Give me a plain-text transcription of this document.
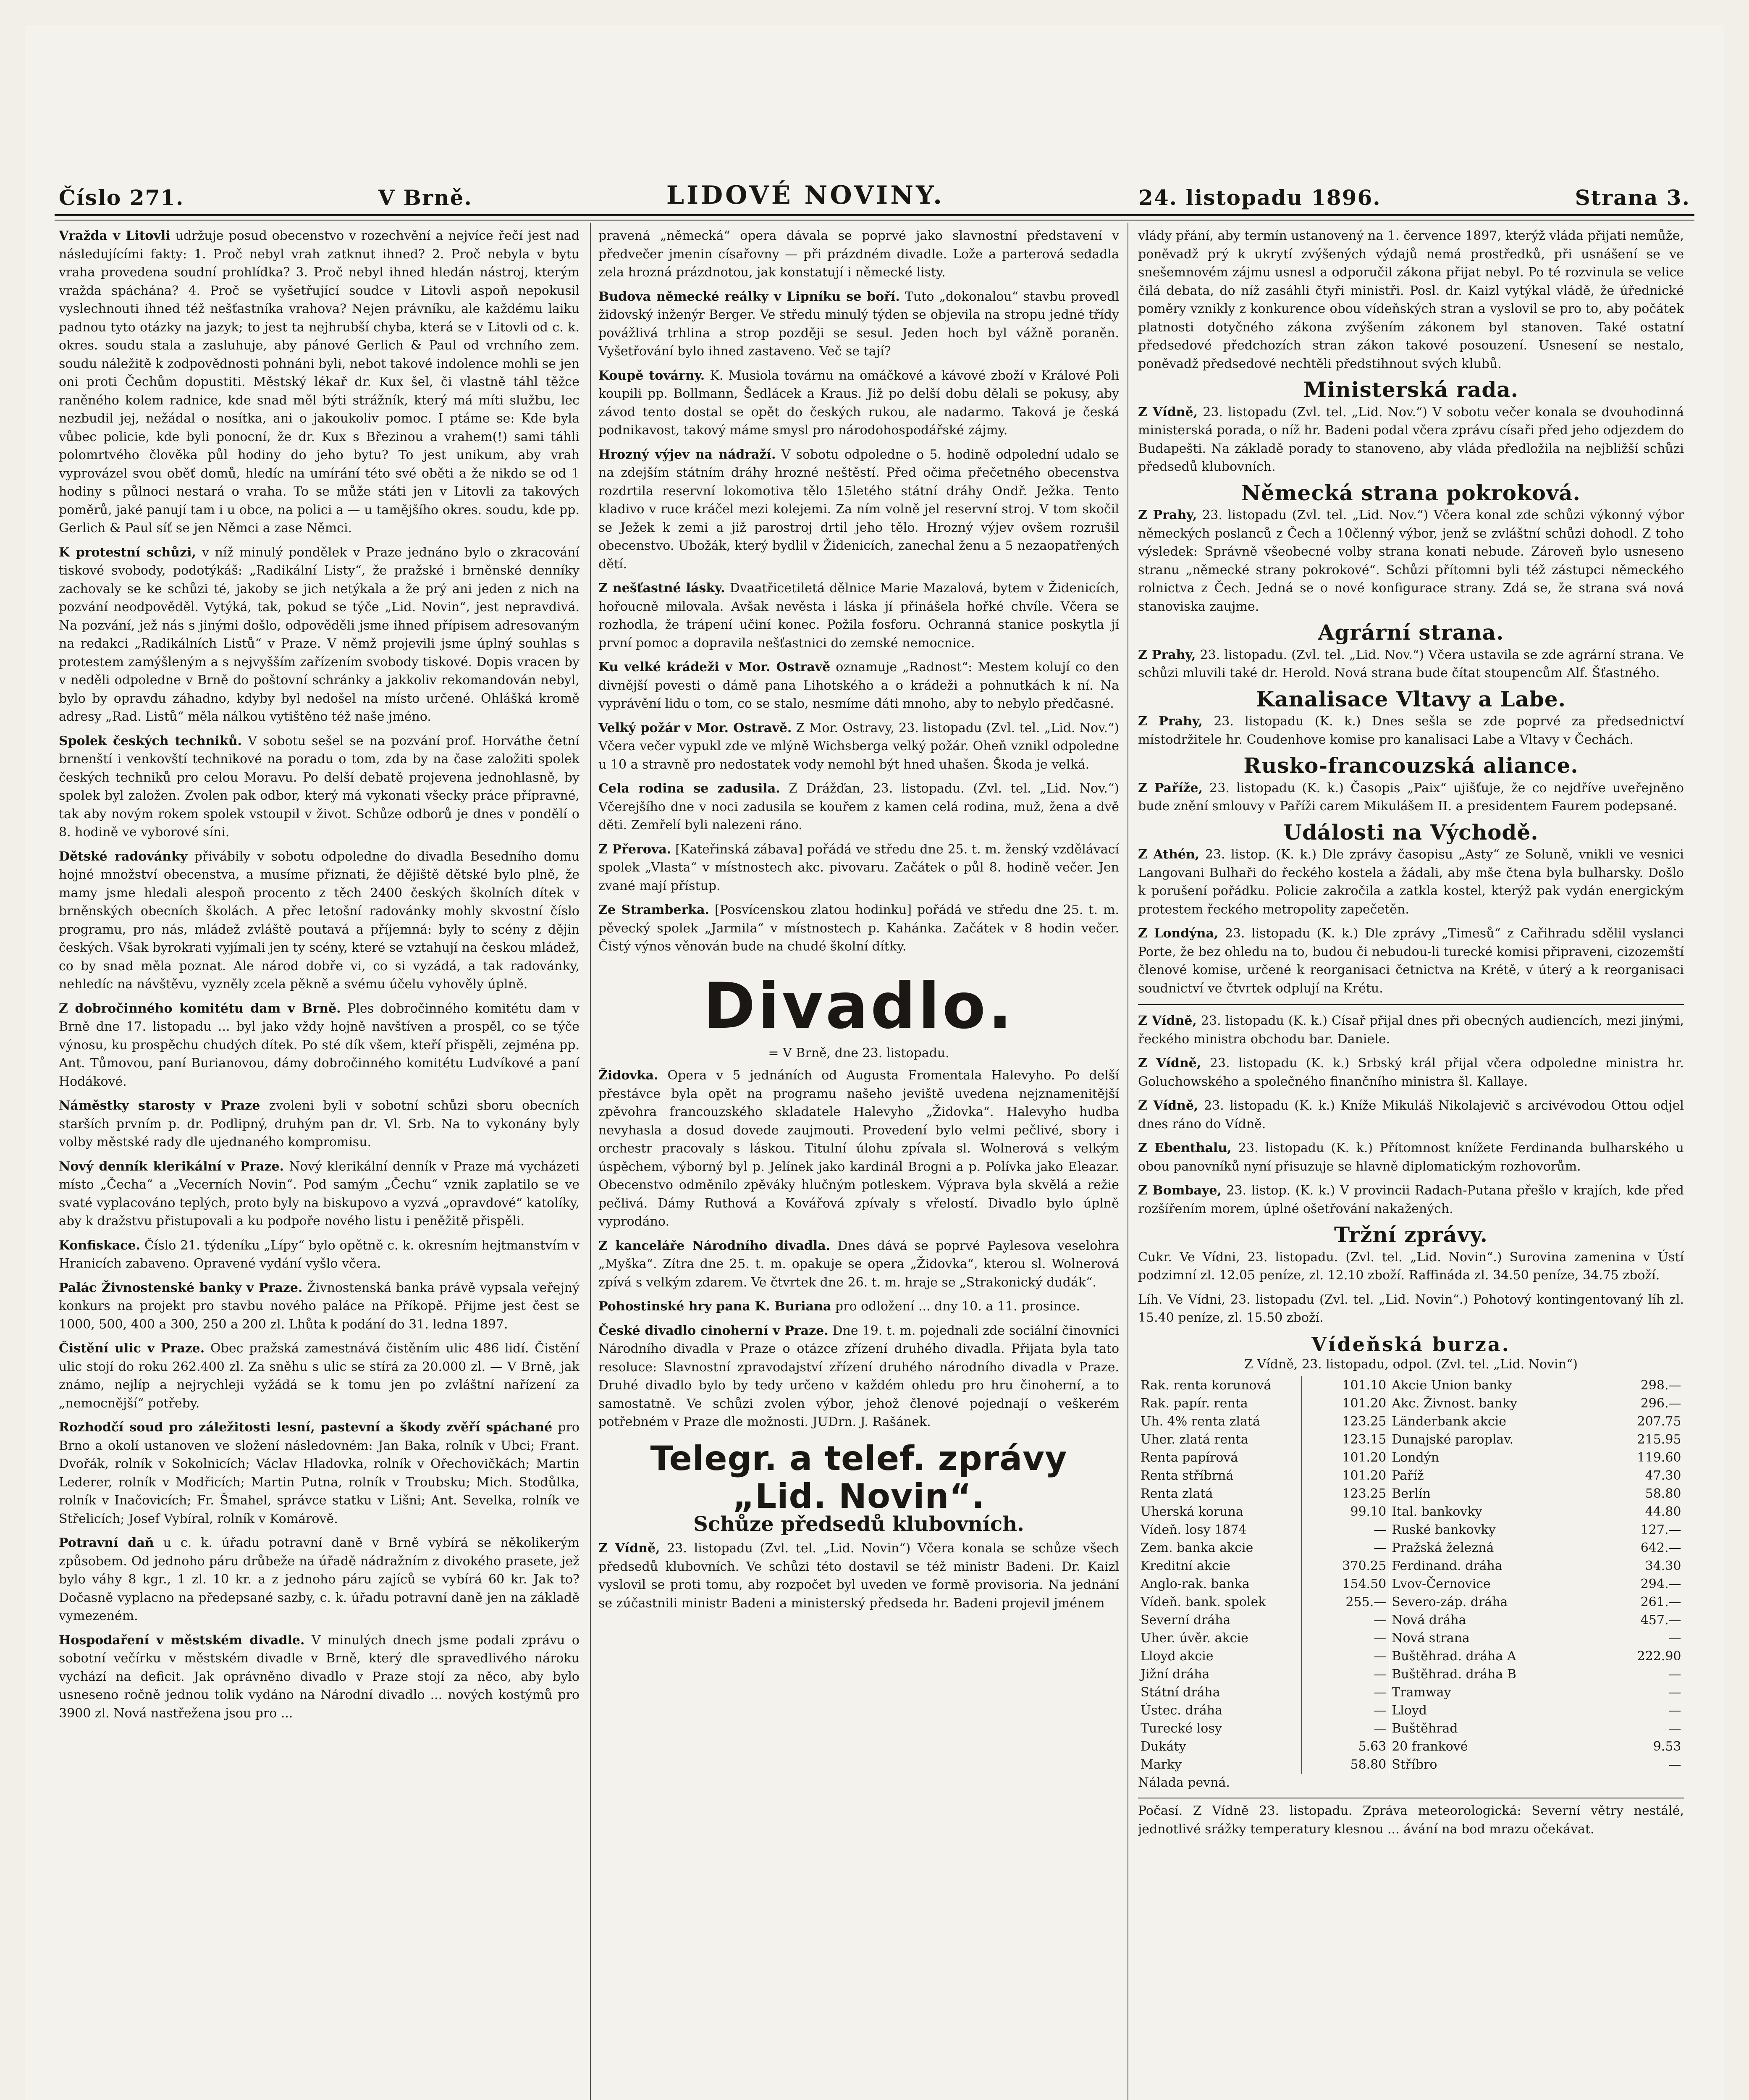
Číslo 271.	V Brně.	LIDOVÉ NOVINY.	24. listopadu 1896.	Strana 3.

Vražda v Litovli udržuje posud obecenstvo v rozechvění a nejvíce řečí jest nad následujícími fakty: 1. Proč nebyl vrah zatknut ihned? 2. Proč nebyla v bytu vraha provedena soudní prohlídka? 3. Proč nebyl ihned hledán nástroj, kterým vražda spáchána? 4. Proč se vyšetřující soudce v Litovli aspoň nepokusil vyslechnouti ihned též nešťastníka vrahova? Nejen právníku, ale každému laiku padnou tyto otázky na jazyk; to jest ta nejhrubší chyba, která se v Litovli od c. k. okres. soudu stala a zasluhuje, aby pánové Gerlich & Paul od vrchního zem. soudu náležitě k zodpovědnosti pohnáni byli, nebot takové indolence mohli se jen oni proti Čechům dopustiti. Městský lékař dr. Kux šel, či vlastně táhl těžce raněného kolem radnice, kde snad měl býti strážník, který má míti službu, lec nezbudil jej, nežádal o nosítka, ani o jakoukoliv pomoc. I ptáme se: Kde byla vůbec policie, kde byli ponocní, že dr. Kux s Březinou a vrahem(!) sami táhli polomrtvého člověka půl hodiny do jeho bytu? To jest unikum, aby vrah vyprovázel svou oběť domů, hledíc na umírání této své oběti a že nikdo se od 1 hodiny s půlnoci nestará o vraha. To se může státi jen v Litovli za takových poměrů, jaké panují tam i u obce, na polici a — u tamějšího okres. soudu, kde pp. Gerlich & Paul síť se jen Němci a zase Němci.

K protestní schůzi, v níž minulý pondělek v Praze jednáno bylo o zkracování tiskové svobody, podotýkáš: „Radikální Listy“, že pražské i brněnské denníky zachovaly se ke schůzi té, jakoby se jich netýkala a že prý ani jeden z nich na pozvání neodpověděl. Vytýká, tak, pokud se týče „Lid. Novin“, jest nepravdivá. Na pozvání, jež nás s jinými došlo, odpověděli jsme ihned přípisem adresovaným na redakci „Radikálních Listů“ v Praze. V němž projevili jsme úplný souhlas s protestem zamýšleným a s nejvyšším zařízením svobody tiskové. Dopis vracen by v neděli odpoledne v Brně do poštovní schránky a jakkoliv rekomandován nebyl, bylo by opravdu záhadno, kdyby byl nedošel na místo určené. Ohlášká kromě adresy „Rad. Listů“ měla nálkou vytištěno též naše jméno.

Spolek českých techniků. V sobotu sešel se na pozvání prof. Horváthe četní brnenští i venkovští technikové na poradu o tom, zda by na čase založiti spolek českých techniků pro celou Moravu. Po delší debatě projevena jednohlasně, by spolek byl založen. Zvolen pak odbor, který má vykonati všecky práce přípravné, tak aby novým rokem spolek vstoupil v život. Schůze odborů je dnes v pondělí o 8. hodině ve vyborové síni.

Dětské radovánky přivábily v sobotu odpoledne do divadla Besedního domu hojné množství obecenstva, a musíme přiznati, že dějiště dětské bylo plně, že mamy jsme hledali alespoň procento z těch 2400 českých školních dítek v brněnských obecních školách. A přec letošní radovánky mohly skvostní číslo programu, pro nás, mládež zvláště poutavá a příjemná: byly to scény z dějin českých. Však byrokrati vyjímali jen ty scény, které se vztahují na českou mládež, co by snad měla poznat. Ale národ dobře vi, co si vyzádá, a tak radovánky, nehledíc na návštěvu, vyzněly zcela pěkně a svému účelu vyhověly úplně.

Z dobročinného komitétu dam v Brně. Ples dobročinného komitétu dam v Brně dne 17. listopadu ... byl jako vždy hojně navštíven a prospěl, co se týče výnosu, ku prospěchu chudých dítek. Po sté dík všem, kteří přispěli, zejména pp. Ant. Tůmovou, paní Burianovou, dámy dobročinného komitétu Ludvíkové a paní Hodákové.

Náměstky starosty v Praze zvoleni byli v sobotní schůzi sboru obecních starších prvním p. dr. Podlipný, druhým pan dr. Vl. Srb. Na to vykonány byly volby městské rady dle ujednaného kompromisu.

Nový denník klerikální v Praze. Nový klerikální denník v Praze má vycházeti místo „Čecha“ a „Vecerních Novin“. Pod samým „Čechu“ vznik zaplatilo se ve svaté vyplacováno teplých, proto byly na biskupovo a vyzvá „opravdové“ katolíky, aby k dražstvu přistupovali a ku podpoře nového listu i peněžitě přispěli.

Konfiskace. Číslo 21. týdeníku „Lípy“ bylo opětně c. k. okresním hejtmanstvím v Hranicích zabaveno. Opravené vydání vyšlo včera.

Palác Živnostenské banky v Praze. Živnostenská banka právě vypsala veřejný konkurs na projekt pro stavbu nového paláce na Příkopě. Přijme jest čest se 1000, 500, 400 a 300, 250 a 200 zl. Lhůta k podání do 31. ledna 1897.

Čistění ulic v Praze. Obec pražská zamestnává čistěním ulic 486 lidí. Čistění ulic stojí do roku 262.400 zl. Za sněhu s ulic se stírá za 20.000 zl. — V Brně, jak známo, nejlíp a nejrychleji vyžádá se k tomu jen po zvláštní nařízení za „nemocnější“ potřeby.

Rozhodčí soud pro záležitosti lesní, pastevní a škody zvěří spáchané pro Brno a okolí ustanoven ve složení následovném: Jan Baka, rolník v Ubci; Frant. Dvořák, rolník v Sokolnicích; Václav Hladovka, rolník v Ořechovičkách; Martin Lederer, rolník v Modřicích; Martin Putna, rolník v Troubsku; Mich. Stodůlka, rolník v Inačovicích; Fr. Šmahel, správce statku v Lišni; Ant. Sevelka, rolník ve Střelicích; Josef Vybíral, rolník v Komárově.

Potravní daň u c. k. úřadu potravní daně v Brně vybírá se několikerým způsobem. Od jednoho páru drůbeže na úřadě nádražním z divokého prasete, jež bylo váhy 8 kgr., 1 zl. 10 kr. a z jednoho páru zajíců se vybírá 60 kr. Jak to? Dočasně vyplacno na předepsané sazby, c. k. úřadu potravní daně jen na základě vymezeném.

Hospodaření v městském divadle. V minulých dnech jsme podali zprávu o sobotní večírku v městském divadle v Brně, který dle spravedlivého nároku vychází na deficit. Jak oprávněno divadlo v Praze stojí za něco, aby bylo usneseno ročně jednou tolik vydáno na Národní divadlo ... nových kostýmů pro 3900 zl. Nová nastřežena jsou pro ...

pravená „německá“ opera dávala se poprvé jako slavnostní představení v předvečer jmenin císařovny — při prázdném divadle. Lože a parterová sedadla zela hrozná prázdnotou, jak konstatují i německé listy.

Budova německé reálky v Lipníku se boří. Tuto „dokonalou“ stavbu provedl židovský inženýr Berger. Ve středu minulý týden se objevila na stropu jedné třídy povážlivá trhlina a strop později se sesul. Jeden hoch byl vážně poraněn. Vyšetřování bylo ihned zastaveno. Več se tají?

Koupě továrny. K. Musiola továrnu na omáčkové a kávové zboží v Králové Poli koupili pp. Bollmann, Šedlácek a Kraus. Již po delší dobu dělali se pokusy, aby závod tento dostal se opět do českých rukou, ale nadarmo. Taková je česká podnikavost, takový máme smysl pro národohospodářské zájmy.

Hrozný výjev na nádraží. V sobotu odpoledne o 5. hodině odpolední udalo se na zdejším státním dráhy hrozné neštěstí. Před očima přečetného obecenstva rozdrtila reservní lokomotiva tělo 15letého státní dráhy Ondř. Ježka. Tento kladivo v ruce kráčel mezi kolejemi. Za ním volně jel reservní stroj. V tom skočil se Ježek k zemi a již parostroj drtil jeho tělo. Hrozný výjev ovšem rozrušil obecenstvo. Ubožák, který bydlil v Židenicích, zanechal ženu a 5 nezaopatřených dětí.

Z nešťastné lásky. Dvaatřicetiletá dělnice Marie Mazalová, bytem v Židenicích, hořoucně milovala. Avšak nevěsta i láska jí přinášela hořké chvíle. Včera se rozhodla, že trápení učiní konec. Požila fosforu. Ochranná stanice poskytla jí první pomoc a dopravila nešťastnici do zemské nemocnice.

Ku velké krádeži v Mor. Ostravě oznamuje „Radnost“: Mestem kolují co den divnější povesti o dámě pana Lihotského a o krádeži a pohnutkách k ní. Na vyprávění lidu o tom, co se stalo, nesmíme dáti mnoho, aby to nebylo předčasné.

Velký požár v Mor. Ostravě. Z Mor. Ostravy, 23. listopadu (Zvl. tel. „Lid. Nov.“) Včera večer vypukl zde ve mlýně Wichsberga velký požár. Oheň vznikl odpoledne u 10 a stravně pro nedostatek vody nemohl být hned uhašen. Škoda je velká.

Cela rodina se zadusila. Z Drážďan, 23. listopadu. (Zvl. tel. „Lid. Nov.“) Včerejšího dne v noci zadusila se kouřem z kamen celá rodina, muž, žena a dvě děti. Zemřelí byli nalezeni ráno.

Z Přerova. [Kateřinská zábava] pořádá ve středu dne 25. t. m. ženský vzdělávací spolek „Vlasta“ v místnostech akc. pivovaru. Začátek o půl 8. hodině večer. Jen zvané mají přístup.

Ze Stramberka. [Posvícenskou zlatou hodinku] pořádá ve středu dne 25. t. m. pěvecký spolek „Jarmila“ v místnostech p. Kahánka. Začátek v 8 hodin večer. Čistý výnos věnován bude na chudé školní dítky.

Divadlo.
= V Brně, dne 23. listopadu.

Židovka. Opera v 5 jednáních od Augusta Fromentala Halevyho. Po delší přestávce byla opět na programu našeho jeviště uvedena nejznamenitější zpěvohra francouzského skladatele Halevyho „Židovka“. Halevyho hudba nevyhasla a dosud dovede zaujmouti. Provedení bylo velmi pečlivé, sbory i orchestr pracovaly s láskou. Titulní úlohu zpívala sl. Wolnerová s velkým úspěchem, výborný byl p. Jelínek jako kardinál Brogni a p. Polívka jako Eleazar. Obecenstvo odměnilo zpěváky hlučným potleskem. Výprava byla skvělá a režie pečlivá. Dámy Ruthová a Kovářová zpívaly s vřelostí. Divadlo bylo úplně vyprodáno.

Z kanceláře Národního divadla. Dnes dává se poprvé Paylesova veselohra „Myška“. Zítra dne 25. t. m. opakuje se opera „Židovka“, kterou sl. Wolnerová zpívá s velkým zdarem. Ve čtvrtek dne 26. t. m. hraje se „Strakonický dudák“.

Pohostinské hry pana K. Buriana pro odložení ... dny 10. a 11. prosince.

České divadlo cinoherní v Praze. Dne 19. t. m. pojednali zde sociální činovníci Národního divadla v Praze o otázce zřízení druhého divadla. Přijata byla tato resoluce: Slavnostní zpravodajství zřízení druhého národního divadla v Praze. Druhé divadlo bylo by tedy určeno v každém ohledu pro hru činoherní, a to samostatně. Ve schůzi zvolen výbor, jehož členové pojednají o veškerém potřebném v Praze dle možnosti. JUDrn. J. Rašánek.

Telegr. a telef. zprávy „Lid. Novin“.
Schůze předsedů klubovních.

Z Vídně, 23. listopadu (Zvl. tel. „Lid. Novin“) Včera konala se schůze všech předsedů klubovních. Ve schůzi této dostavil se též ministr Badeni. Dr. Kaizl vyslovil se proti tomu, aby rozpočet byl uveden ve formě provisoria. Na jednání se zúčastnili ministr Badeni a ministerský předseda hr. Badeni projevil jménem

vlády přání, aby termín ustanovený na 1. července 1897, kterýž vláda přijati nemůže, poněvadž prý k ukrytí zvýšených výdajů nemá prostředků, při usnášení se ve snešemnovém zájmu usnesl a odporučil zákona přijat nebyl. Po té rozvinula se velice čilá debata, do níž zasáhli čtyři ministři. Posl. dr. Kaizl vytýkal vládě, že úřednické poměry vznikly z konkurence obou vídeňských stran a vyslovil se pro to, aby počátek platnosti dotyčného zákona zvýšením zákonem byl stanoven. Také ostatní předsedové předchozích stran zákon takové posouzení. Usnesení se nestalo, poněvadž předsedové nechtěli předstihnout svých klubů.

Ministerská rada.

Z Vídně, 23. listopadu (Zvl. tel. „Lid. Nov.“) V sobotu večer konala se dvouhodinná ministerská porada, o níž hr. Badeni podal včera zprávu císaři před jeho odjezdem do Budapešti. Na základě porady to stanoveno, aby vláda předložila na nejbližší schůzi předsedů klubovních.

Německá strana pokroková.

Z Prahy, 23. listopadu (Zvl. tel. „Lid. Nov.“) Včera konal zde schůzi výkonný výbor německých poslanců z Čech a 10členný výbor, jenž se zvláštní schůzi dohodl. Z toho výsledek: Správně všeobecné volby strana konati nebude. Zároveň bylo usneseno stranu „německé strany pokrokové“. Schůzi přítomni byli též zástupci německého rolnictva z Čech. Jedná se o nové konfigurace strany. Zdá se, že strana svá nová stanoviska zaujme.

Agrární strana.

Z Prahy, 23. listopadu. (Zvl. tel. „Lid. Nov.“) Včera ustavila se zde agrární strana. Ve schůzi mluvili také dr. Herold. Nová strana bude čítat stoupencům Alf. Šťastného.

Kanalisace Vltavy a Labe.

Z Prahy, 23. listopadu (K. k.) Dnes sešla se zde poprvé za předsednictví místodržitele hr. Coudenhove komise pro kanalisaci Labe a Vltavy v Čechách.

Rusko-francouzská aliance.

Z Paříže, 23. listopadu (K. k.) Časopis „Paix“ ujišťuje, že co nejdříve uveřejněno bude znění smlouvy v Paříži carem Mikulášem II. a presidentem Faurem podepsané.

Události na Východě.

Z Athén, 23. listop. (K. k.) Dle zprávy časopisu „Asty“ ze Soluně, vnikli ve vesnici Langovani Bulhaři do řeckého kostela a žádali, aby mše čtena byla bulharsky. Došlo k porušení pořádku. Policie zakročila a zatkla kostel, kterýž pak vydán energickým protestem řeckého metropolity zapečetěn.

Z Londýna, 23. listopadu (K. k.) Dle zprávy „Timesů“ z Cařihradu sdělil vyslanci Porte, že bez ohledu na to, budou či nebudou-li turecké komisi připraveni, cizozemští členové komise, určené k reorganisaci četnictva na Krétě, v úterý a k reorganisaci soudnictví ve čtvrtek odplují na Krétu.

Z Vídně, 23. listopadu (K. k.) Císař přijal dnes při obecných audiencích, mezi jinými, řeckého ministra obchodu bar. Daniele.

Z Vídně, 23. listopadu (K. k.) Srbský král přijal včera odpoledne ministra hr. Goluchowského a společného finančního ministra šl. Kallaye.

Z Vídně, 23. listopadu (K. k.) Kníže Mikuláš Nikolajevič s arcivévodou Ottou odjel dnes ráno do Vídně.

Z Ebenthalu, 23. listopadu (K. k.) Přítomnost knížete Ferdinanda bulharského u obou panovníků nyní přisuzuje se hlavně diplomatickým rozhovorům.

Z Bombaye, 23. listop. (K. k.) V provincii Radach-Putana přešlo v krajích, kde před rozšířením morem, úplné ošetřování nakažených.

Tržní zprávy.

Cukr. Ve Vídni, 23. listopadu. (Zvl. tel. „Lid. Novin“.) Surovina zamenina v Ústí podzimní zl. 12.05 peníze, zl. 12.10 zboží. Raffináda zl. 34.50 peníze, 34.75 zboží.

Líh. Ve Vídni, 23. listopadu (Zvl. tel. „Lid. Novin“.) Pohotový kontingentovaný líh zl. 15.40 peníze, zl. 15.50 zboží.

Vídeňská burza.
Z Vídně, 23. listopadu, odpol. (Zvl. tel. „Lid. Novin“)
Rak. renta korunová	101.10	Akcie Union banky	298.—
Rak. papír. renta	101.20	Akc. Živnost. banky	296.—
Uh. 4% renta zlatá	123.25	Länderbank akcie	207.75
Uher. zlatá renta	123.15	Dunajské paroplav.	215.95
Renta papírová	101.20	Londýn	119.60
Renta stříbrná	101.20	Paříž	47.30
Renta zlatá	123.25	Berlín	58.80
Uherská koruna	99.10	Ital. bankovky	44.80
Vídeň. losy 1874	—	Ruské bankovky	127.—
Zem. banka akcie	—	Pražská železná	642.—
Kreditní akcie	370.25	Ferdinand. dráha	34.30
Anglo-rak. banka	154.50	Lvov-Černovice	294.—
Vídeň. bank. spolek	255.—	Severo-záp. dráha	261.—
Severní dráha	—	Nová dráha	457.—
Uher. úvěr. akcie	—	Nová strana	—
Lloyd akcie	—	Buštěhrad. dráha A	222.90
Jižní dráha	—	Buštěhrad. dráha B	—
Státní dráha	—	Tramway	—
Ústec. dráha	—	Lloyd	—
Turecké losy	—	Buštěhrad	—
Dukáty	5.63	20 frankové	9.53
Marky	58.80	Stříbro	—

Nálada pevná.

Počasí. Z Vídně 23. listopadu. Zpráva meteorologická: Severní větry nestálé, jednotlivé srážky temperatury klesnou ... ávání na bod mrazu očekávat.
